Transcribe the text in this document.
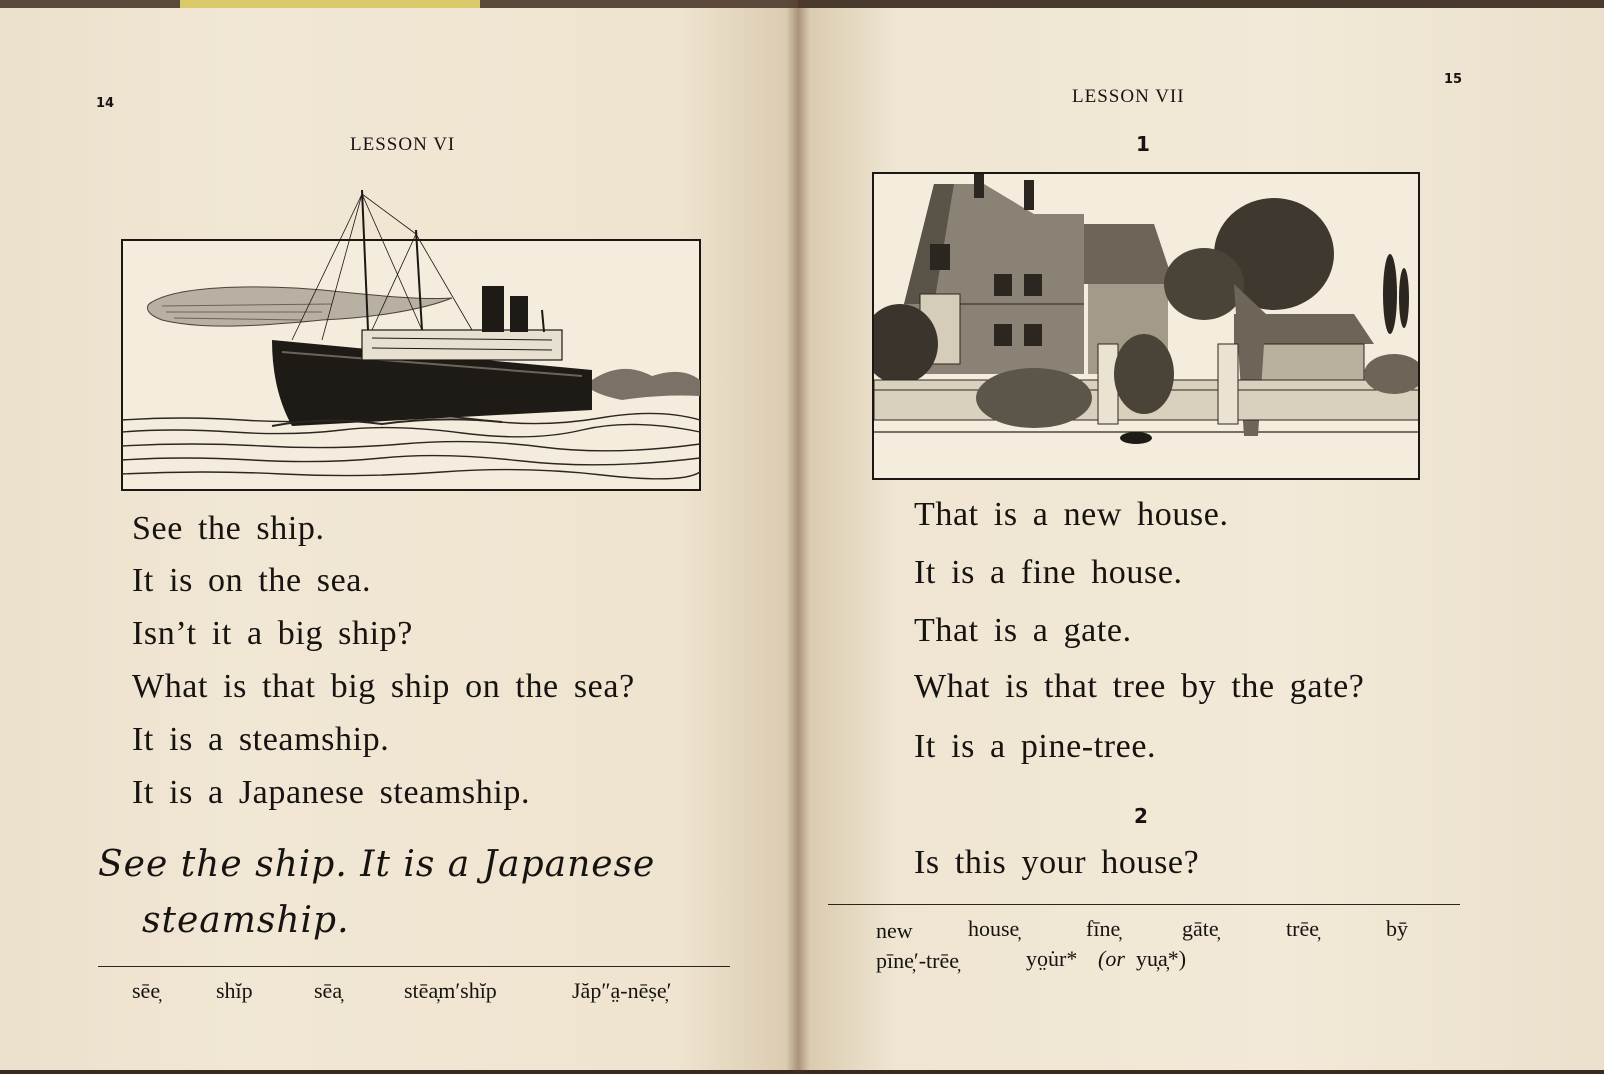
14
LESSON VI
See the ship.
It is on the sea.
Isn’t it a big ship?
What is that big ship on the sea?
It is a steamship.
It is a Japanese steamship.
See the ship. It is a Japanese
steamship.
sēe̦	shĭp	sēa̦	stēa̦m′shĭp	Jăp″a̤-nēṣe̦′
15
LESSON VII
1
That is a new house.
It is a fine house.
That is a gate.
What is that tree by the gate?
It is a pine-tree.
2
Is this your house?
new	house̦	fīne̦	gāte̦	trēe̦	bȳ
pīne̦′-trēe̦	yo̤u̇r* (or yu̦a̦*)
